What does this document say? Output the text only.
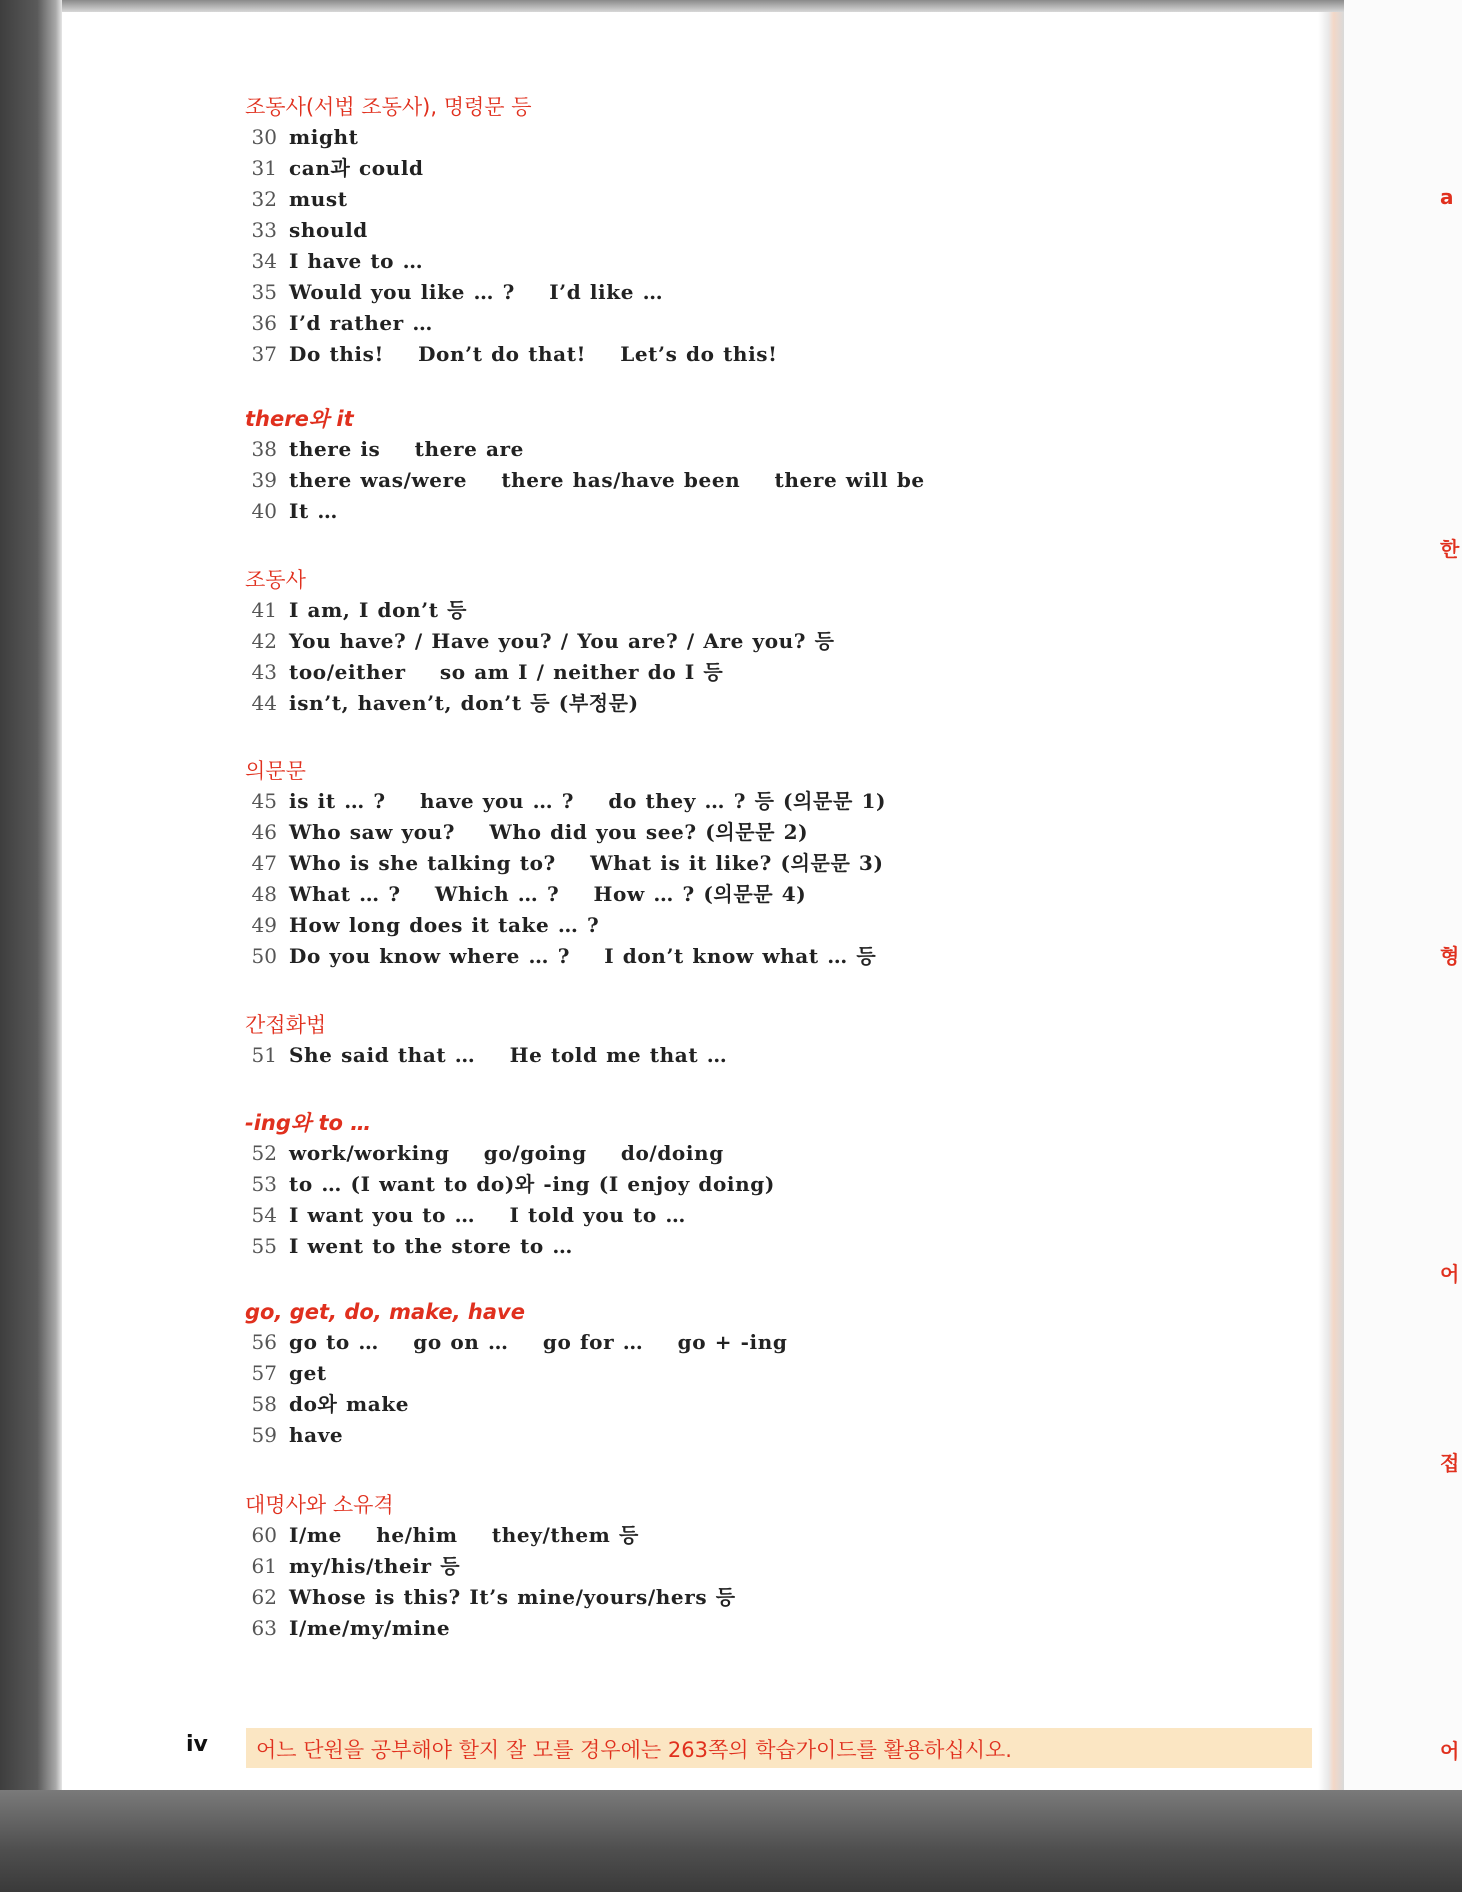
a
한
형
어
접
어
조동사(서법 조동사), 명령문 등
30 might
31 can과 could
32 must
33 should
34 I have to …
35 Would you like … ?    I’d like …
36 I’d rather …
37 Do this!    Don’t do that!    Let’s do this!
there와 it
38 there is    there are
39 there was/were    there has/have been    there will be
40 It …
조동사
41 I am, I don’t 등
42 You have? / Have you? / You are? / Are you? 등
43 too/either    so am I / neither do I 등
44 isn’t, haven’t, don’t 등 (부정문)
의문문
45 is it … ?    have you … ?    do they … ? 등 (의문문 1)
46 Who saw you?    Who did you see? (의문문 2)
47 Who is she talking to?    What is it like? (의문문 3)
48 What … ?    Which … ?    How … ? (의문문 4)
49 How long does it take … ?
50 Do you know where … ?    I don’t know what … 등
간접화법
51 She said that …    He told me that …
-ing와 to …
52 work/working    go/going    do/doing
53 to … (I want to do)와 -ing (I enjoy doing)
54 I want you to …    I told you to …
55 I went to the store to …
go, get, do, make, have
56 go to …    go on …    go for …    go + -ing
57 get
58 do와 make
59 have
대명사와 소유격
60 I/me    he/him    they/them 등
61 my/his/their 등
62 Whose is this? It’s mine/yours/hers 등
63 I/me/my/mine
iv 어느 단원을 공부해야 할지 잘 모를 경우에는 263쪽의 학습가이드를 활용하십시오.
